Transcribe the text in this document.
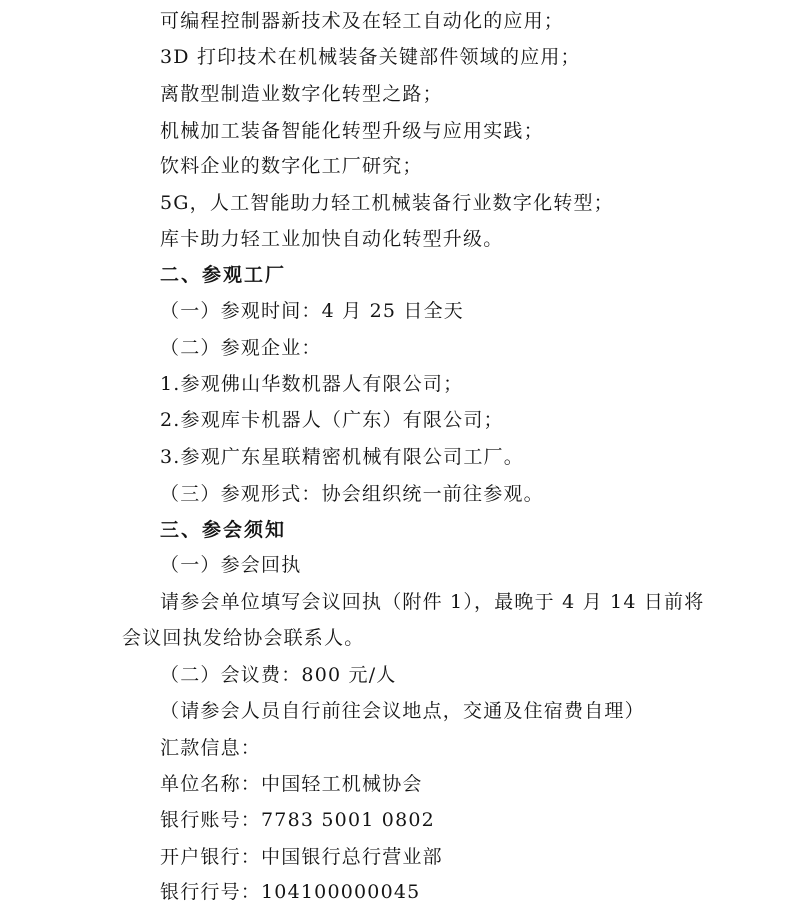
可编程控制器新技术及在轻工自动化的应用；
3D 打印技术在机械装备关键部件领域的应用；
离散型制造业数字化转型之路；
机械加工装备智能化转型升级与应用实践；
饮料企业的数字化工厂研究；
5G，人工智能助力轻工机械装备行业数字化转型；
库卡助力轻工业加快自动化转型升级。
二、参观工厂
（一）参观时间：4 月 25 日全天
（二）参观企业：
1.参观佛山华数机器人有限公司；
2.参观库卡机器人（广东）有限公司；
3.参观广东星联精密机械有限公司工厂。
（三）参观形式：协会组织统一前往参观。
三、参会须知
（一）参会回执
请参会单位填写会议回执（附件 1），最晚于 4 月 14 日前将
会议回执发给协会联系人。
（二）会议费：800 元/人
（请参会人员自行前往会议地点，交通及住宿费自理）
汇款信息：
单位名称：中国轻工机械协会
银行账号：7783 5001 0802
开户银行：中国银行总行营业部
银行行号：104100000045
